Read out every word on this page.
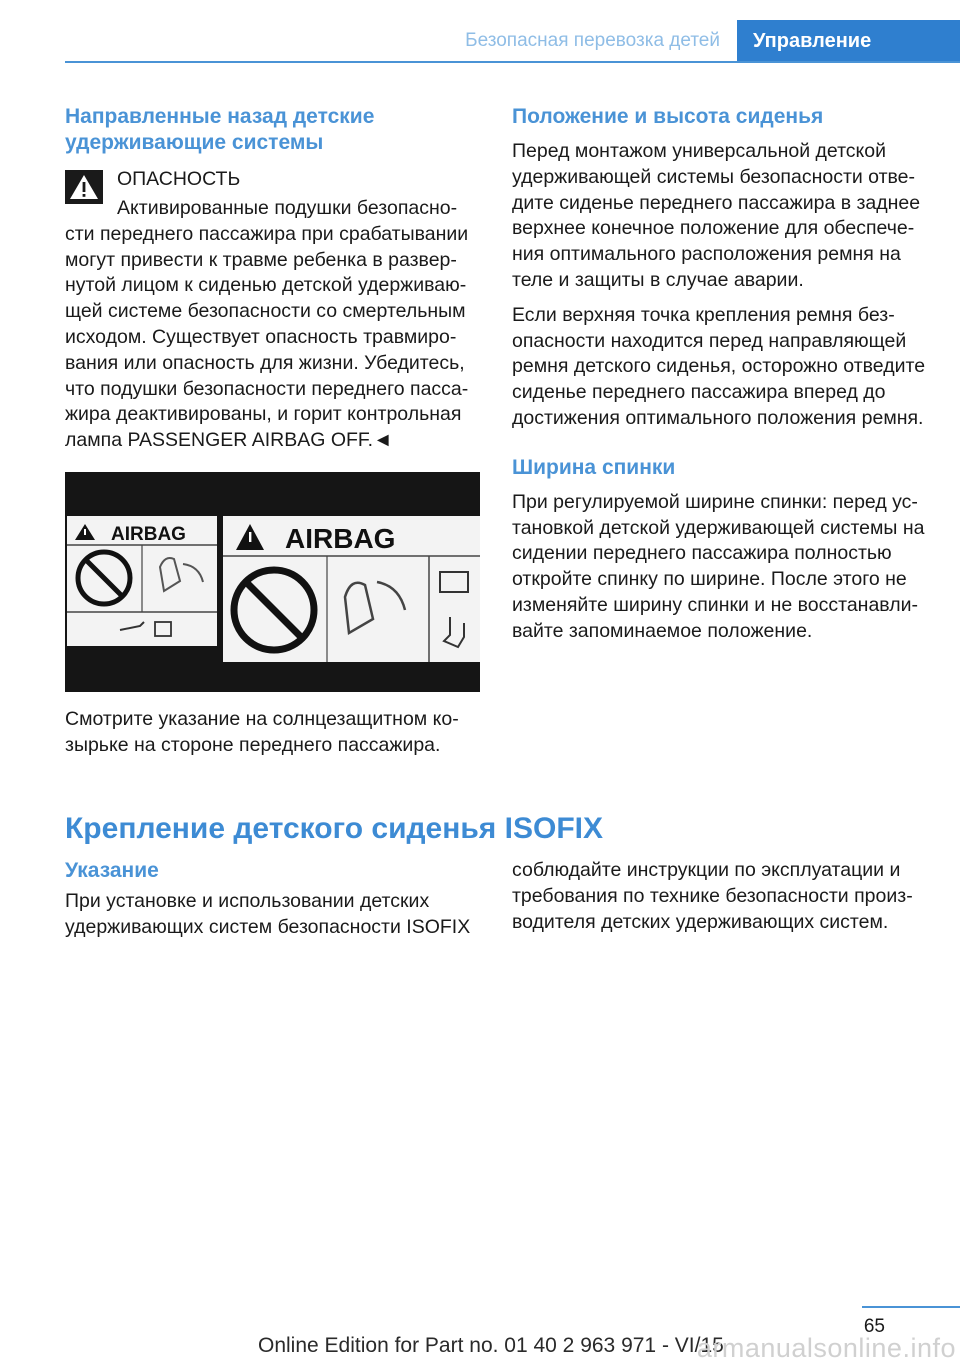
Безопасная перевозка детей	Управление
Направленные назад детские удерживающие системы

ОПАСНОСТЬ

Активированные подушки безопасности переднего пассажира при срабатывании могут привести к травме ребенка в развернутой лицом к сиденью детской удерживающей системе безопасности со смертельным исходом. Существует опасность травмирования или опасность для жизни. Убедитесь, что подушки безопасности переднего пассажира деактивированы, и горит контрольная лампа PASSENGER AIRBAG OFF.◄

AIRBAG	AIRBAG

Смотрите указание на солнцезащитном козырьке на стороне переднего пассажира.

Положение и высота сиденья

Перед монтажом универсальной детской удерживающей системы безопасности отведите сиденье переднего пассажира в заднее верхнее конечное положение для обеспечения оптимального расположения ремня на теле и защиты в случае аварии.

Если верхняя точка крепления ремня безопасности находится перед направляющей ремня детского сиденья, осторожно отведите сиденье переднего пассажира вперед до достижения оптимального положения ремня.

Ширина спинки

При регулируемой ширине спинки: перед установкой детской удерживающей системы на сидении переднего пассажира полностью откройте спинку по ширине. После этого не изменяйте ширину спинки и не восстанавливайте запоминаемое положение.

Крепление детского сиденья ISOFIX
Указание

При установке и использовании детских удерживающих систем безопасности ISOFIX

соблюдайте инструкции по эксплуатации и требования по технике безопасности производителя детских удерживающих систем.

65
Online Edition for Part no. 01 40 2 963 971 - VI/15
armanualsonline.info
